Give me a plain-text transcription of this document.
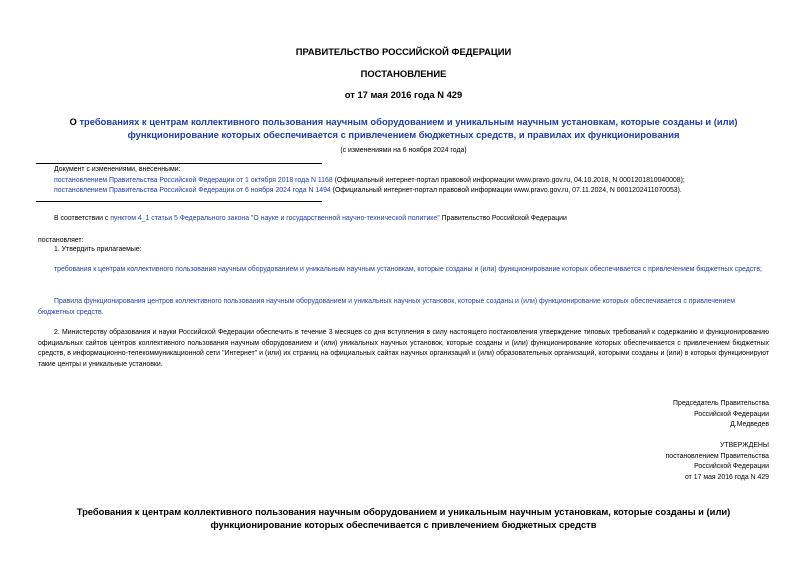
ПРАВИТЕЛЬСТВО РОССИЙСКОЙ ФЕДЕРАЦИИ
ПОСТАНОВЛЕНИЕ
от 17 мая 2016 года N 429
О требованиях к центрам коллективного пользования научным оборудованием и уникальным научным установкам, которые созданы и (или) функционирование которых обеспечивается с привлечением бюджетных средств, и правилах их функционирования
(с изменениями на 6 ноября 2024 года)
Документ с изменениями, внесенными:
постановлением Правительства Российской Федерации от 1 октября 2018 года N 1168 (Официальный интернет-портал правовой информации www.pravo.gov.ru, 04.10.2018, N 0001201810040008);
постановлением Правительства Российской Федерации от 6 ноября 2024 года N 1494 (Официальный интернет-портал правовой информации www.pravo.gov.ru, 07.11.2024, N 0001202411070053).
В соответствии с пунктом 4_1 статьи 5 Федерального закона "О науке и государственной научно-технической политике" Правительство Российской Федерации
постановляет:
1. Утвердить прилагаемые:
требования к центрам коллективного пользования научным оборудованием и уникальным научным установкам, которые созданы и (или) функционирование которых обеспечивается с привлечением бюджетных средств;
Правила функционирования центров коллективного пользования научным оборудованием и уникальных научных установок, которые созданы и (или) функционирование которых обеспечивается с привлечением бюджетных средств.
2. Министерству образования и науки Российской Федерации обеспечить в течение 3 месяцев со дня вступления в силу настоящего постановления утверждение типовых требований к содержанию и функционированию официальных сайтов центров коллективного пользования научным оборудованием и (или) уникальных научных установок, которые созданы и (или) функционирование которых обеспечивается с привлечением бюджетных средств, в информационно-телекоммуникационной сети "Интернет" и (или) их страниц на официальных сайтах научных организаций и (или) образовательных организаций, которыми созданы и (или) в которых функционируют такие центры и уникальные установки.
Председатель Правительства
Российской Федерации
Д.Медведев
УТВЕРЖДЕНЫ
постановлением Правительства
Российской Федерации
от 17 мая 2016 года N 429
Требования к центрам коллективного пользования научным оборудованием и уникальным научным установкам, которые созданы и (или) функционирование которых обеспечивается с привлечением бюджетных средств
